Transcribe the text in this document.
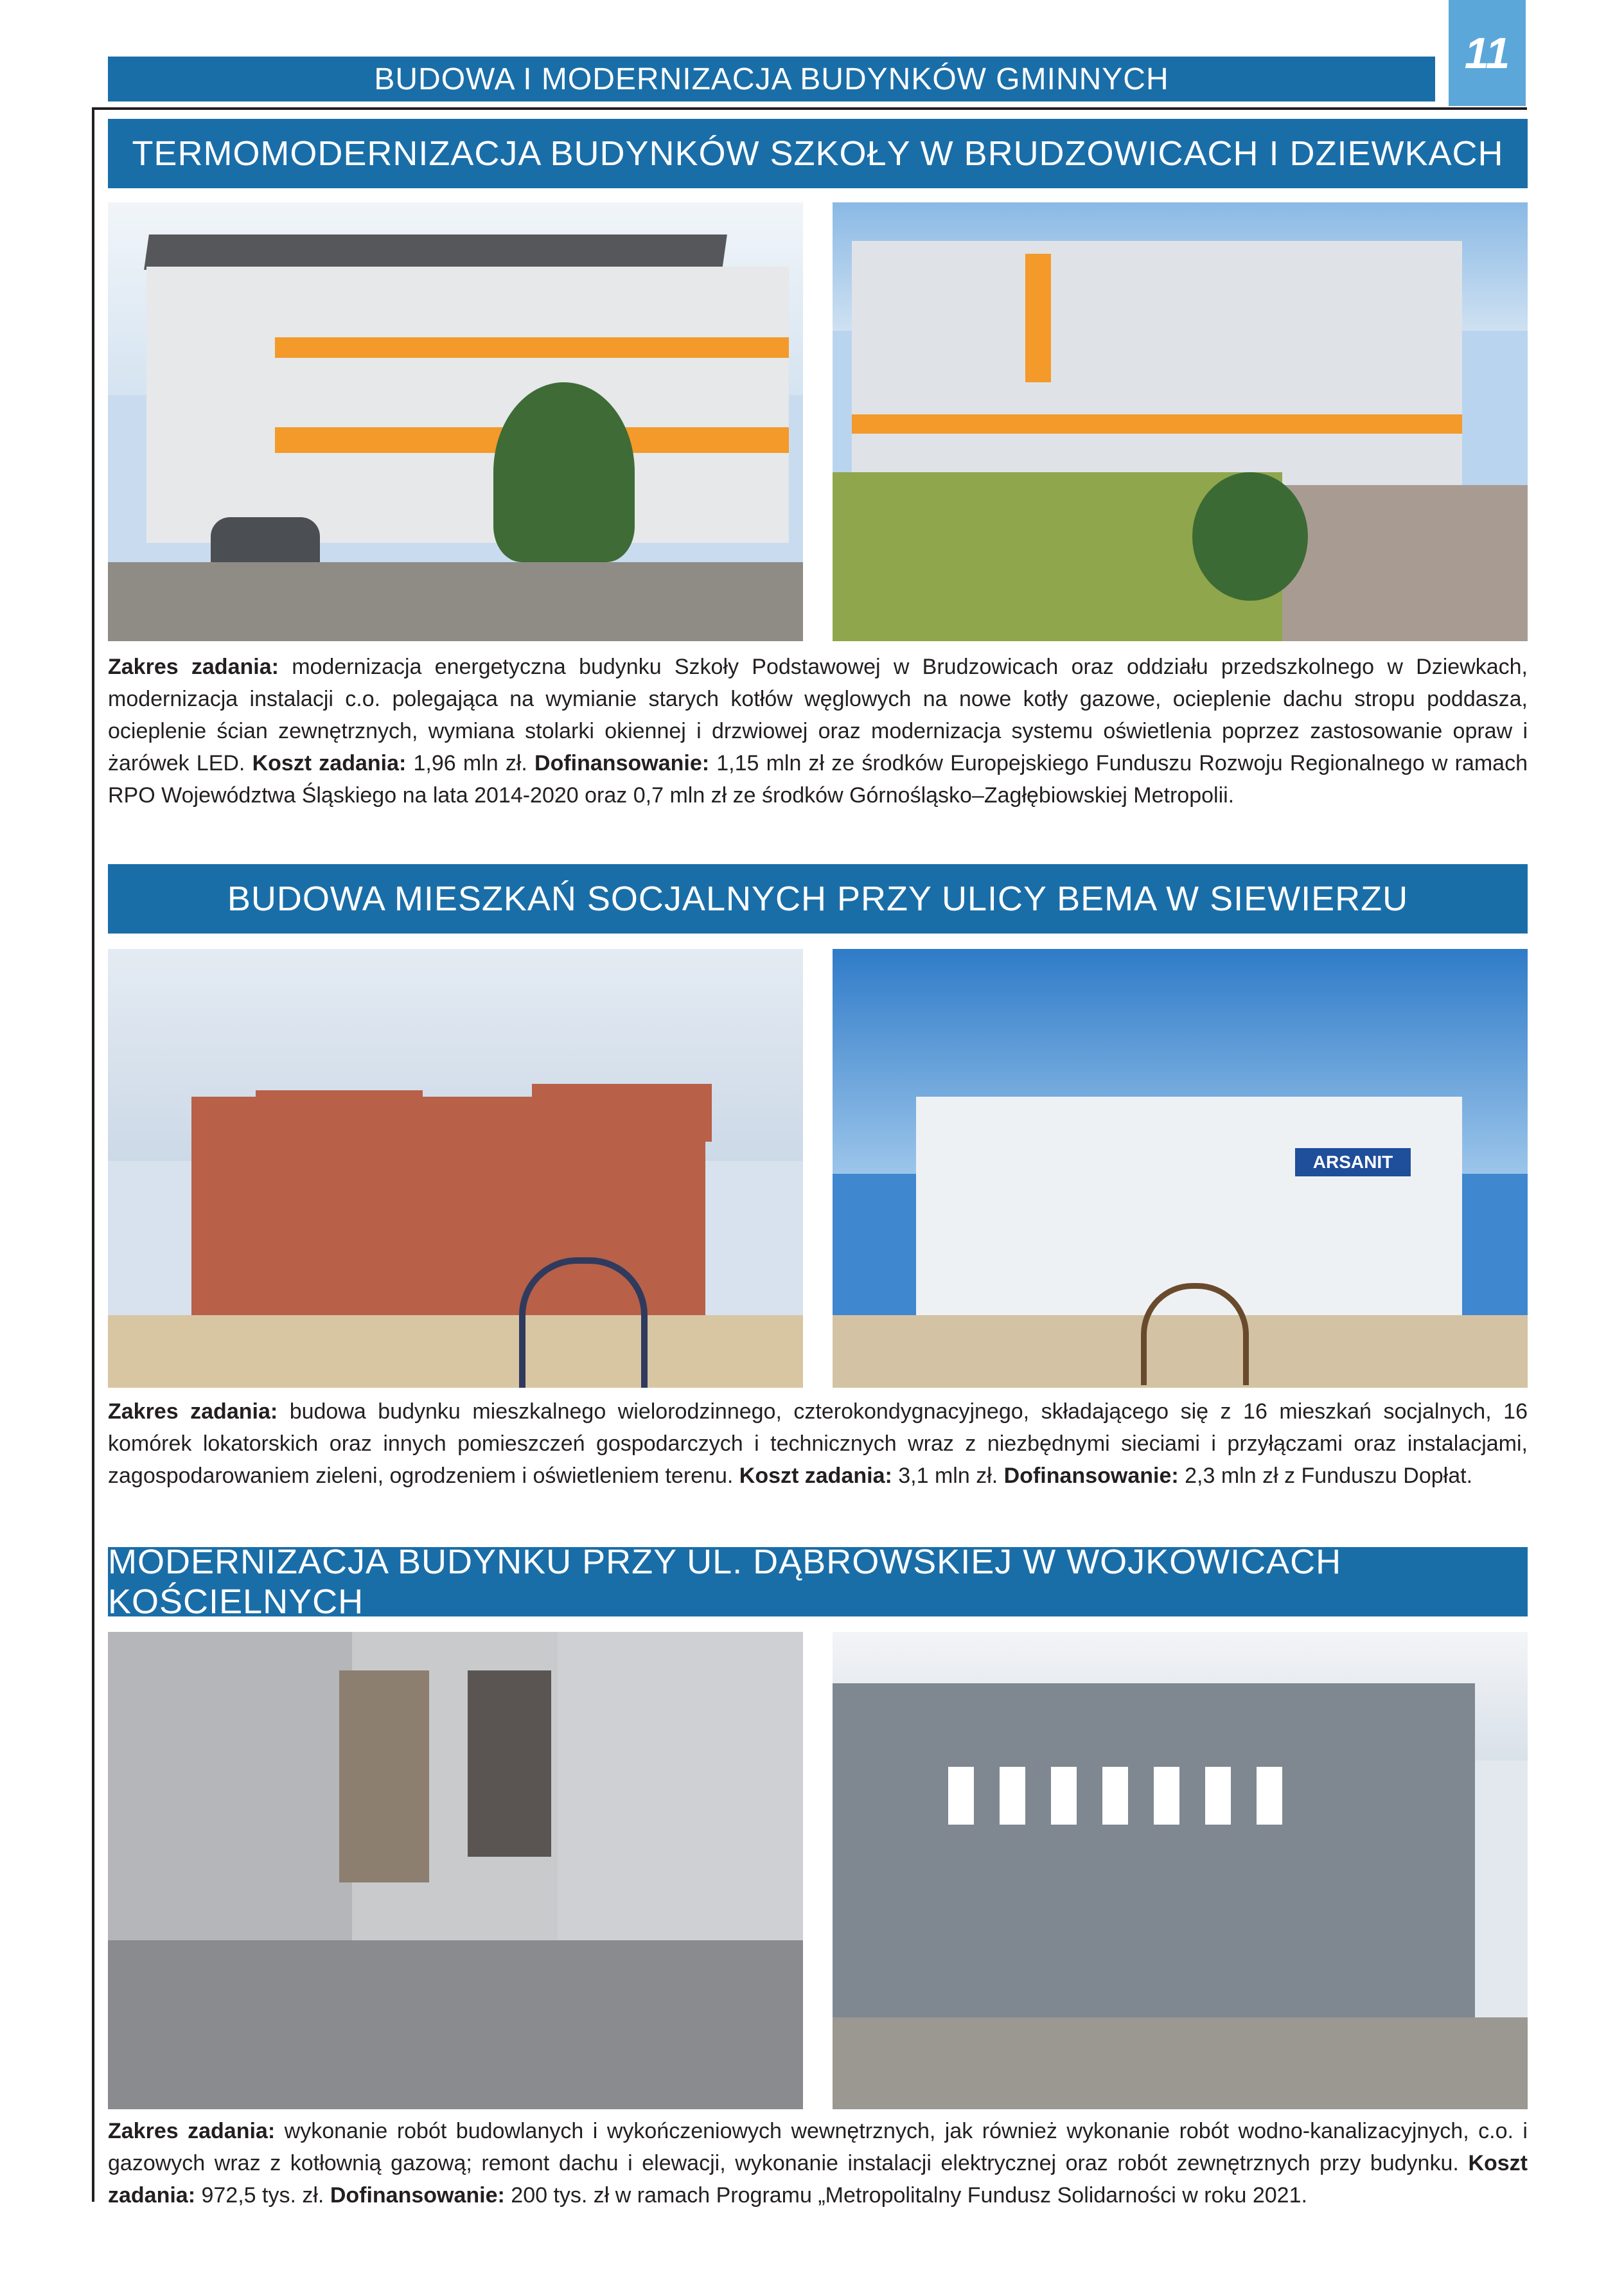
BUDOWA I MODERNIZACJA BUDYNKÓW GMINNYCH
11
TERMOMODERNIZACJA BUDYNKÓW SZKOŁY W BRUDZOWICACH I DZIEWKACH
Zakres zadania: modernizacja energetyczna budynku Szkoły Podstawowej w Brudzowicach oraz oddziału przedszkolnego w Dziewkach, modernizacja instalacji c.o. polegająca na wymianie starych kotłów węglowych na nowe kotły gazowe, ocieplenie dachu stropu poddasza, ocieplenie ścian zewnętrznych, wymiana stolarki okiennej i drzwiowej oraz modernizacja systemu oświetlenia poprzez zastosowanie opraw i żarówek LED. Koszt zadania: 1,96 mln zł. Dofinansowanie: 1,15 mln zł ze środków Europejskiego Funduszu Rozwoju Regionalnego w ramach RPO Województwa Śląskiego na lata 2014-2020 oraz 0,7 mln zł ze środków Górnośląsko–Zagłębiowskiej Metropolii.
BUDOWA MIESZKAŃ SOCJALNYCH PRZY ULICY BEMA W SIEWIERZU
ARSANIT
Zakres zadania: budowa budynku mieszkalnego wielorodzinnego, czterokondygnacyjnego, składającego się z 16 mieszkań socjalnych, 16 komórek lokatorskich oraz innych pomieszczeń gospodarczych i technicznych wraz z niezbędnymi sieciami i przyłączami oraz instalacjami, zagospodarowaniem zieleni, ogrodzeniem i oświetleniem terenu. Koszt zadania: 3,1 mln zł. Dofinansowanie: 2,3 mln zł z Funduszu Dopłat.
MODERNIZACJA BUDYNKU PRZY UL. DĄBROWSKIEJ W WOJKOWICACH KOŚCIELNYCH
Zakres zadania: wykonanie robót budowlanych i wykończeniowych wewnętrznych, jak również wykonanie robót wodno-kanalizacyjnych, c.o. i gazowych wraz z kotłownią gazową; remont dachu i elewacji, wykonanie instalacji elektrycznej oraz robót zewnętrznych przy budynku. Koszt zadania: 972,5 tys. zł. Dofinansowanie: 200 tys. zł w ramach Programu „Metropolitalny Fundusz Solidarności w roku 2021.
